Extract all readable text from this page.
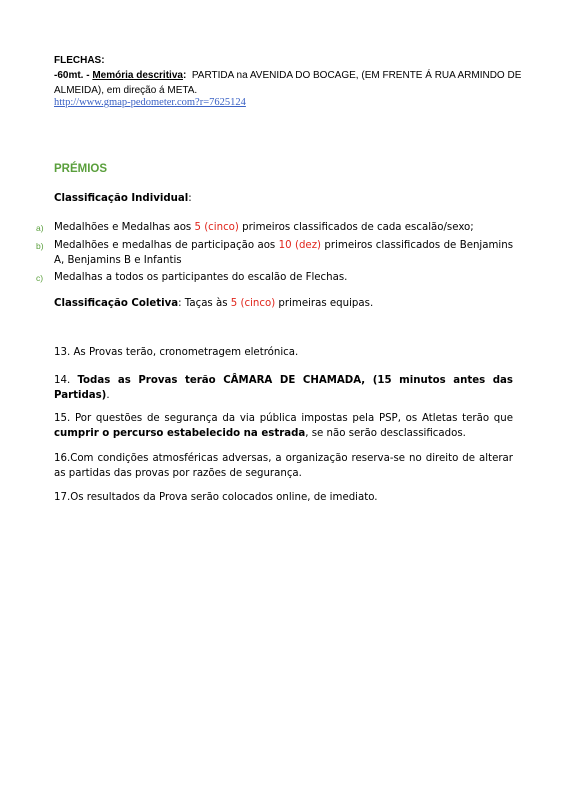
FLECHAS:
-60mt. - Memória descritiva: PARTIDA na AVENIDA DO BOCAGE, (EM FRENTE Á RUA ARMINDO DE ALMEIDA), em direção á META.
http://www.gmap-pedometer.com?r=7625124
PRÉMIOS
Classificação Individual:
a)	Medalhões e Medalhas aos 5 (cinco) primeiros classificados de cada escalão/sexo;
b)	Medalhões e medalhas de participação aos 10 (dez) primeiros classificados de Benjamins A, Benjamins B e Infantis
c)	Medalhas a todos os participantes do escalão de Flechas.
Classificação Coletiva: Taças às 5 (cinco) primeiras equipas.
13. As Provas terão, cronometragem eletrónica.
14. Todas as Provas terão CÂMARA DE CHAMADA, (15 minutos antes das Partidas).
15. Por questões de segurança da via pública impostas pela PSP, os Atletas terão que cumprir o percurso estabelecido na estrada, se não serão desclassificados.
16.Com condições atmosféricas adversas, a organização reserva-se no direito de alterar as partidas das provas por razões de segurança.
17.Os resultados da Prova serão colocados online, de imediato.
